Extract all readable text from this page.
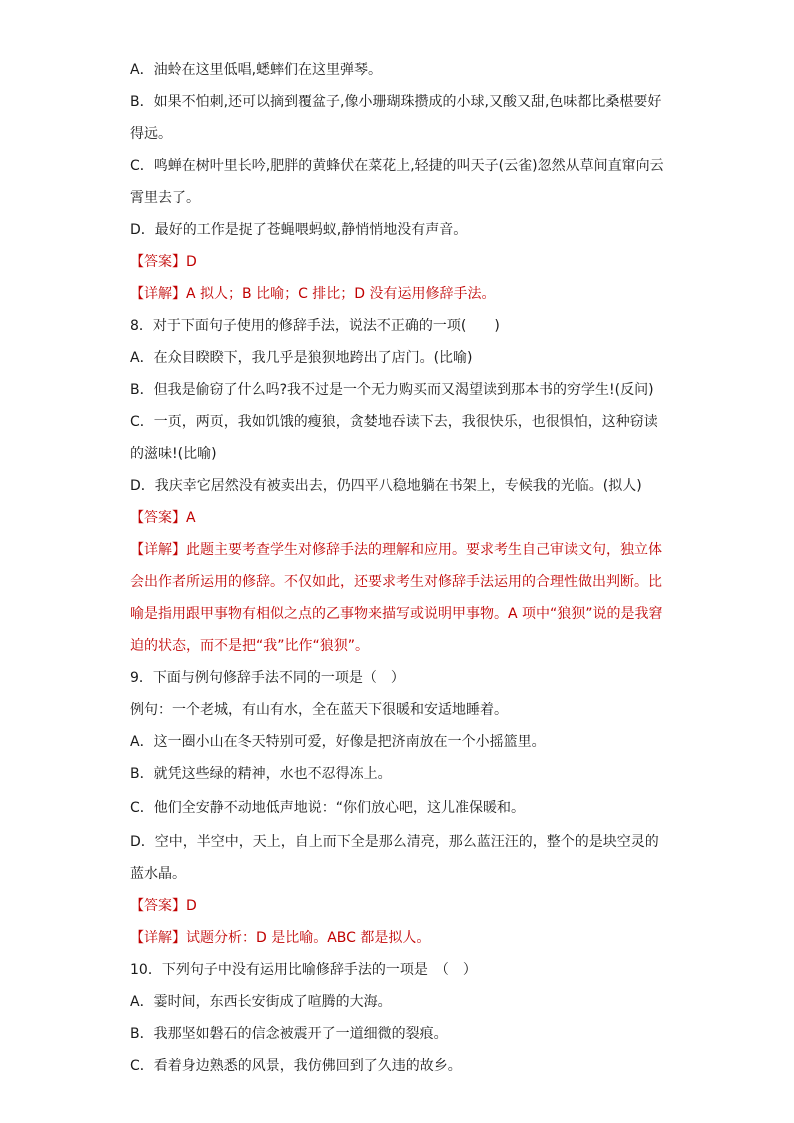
A．油蛉在这里低唱,蟋蟀们在这里弹琴。
B．如果不怕刺,还可以摘到覆盆子,像小珊瑚珠攒成的小球,又酸又甜,色味都比桑椹要好
得远。
C．鸣蝉在树叶里长吟,肥胖的黄蜂伏在菜花上,轻捷的叫天子(云雀)忽然从草间直窜向云
霄里去了。
D．最好的工作是捉了苍蝇喂蚂蚁,静悄悄地没有声音。
【答案】D
【详解】A 拟人；B 比喻；C 排比；D 没有运用修辞手法。
8．对于下面句子使用的修辞手法，说法不正确的一项(　　)
A．在众目睽睽下，我几乎是狼狈地跨出了店门。(比喻)
B．但我是偷窃了什么吗?我不过是一个无力购买而又渴望读到那本书的穷学生!(反问)
C．一页，两页，我如饥饿的瘦狼，贪婪地吞读下去，我很快乐，也很惧怕，这种窃读
的滋味!(比喻)
D．我庆幸它居然没有被卖出去，仍四平八稳地躺在书架上，专候我的光临。(拟人)
【答案】A
【详解】此题主要考查学生对修辞手法的理解和应用。要求考生自己审读文句，独立体
会出作者所运用的修辞。不仅如此，还要求考生对修辞手法运用的合理性做出判断。比
喻是指用跟甲事物有相似之点的乙事物来描写或说明甲事物。A 项中“狼狈”说的是我窘
迫的状态，而不是把“我”比作“狼狈”。
9．下面与例句修辞手法不同的一项是（　）
例句：一个老城，有山有水，全在蓝天下很暖和安适地睡着。
A．这一圈小山在冬天特别可爱，好像是把济南放在一个小摇篮里。
B．就凭这些绿的精神，水也不忍得冻上。
C．他们全安静不动地低声地说：“你们放心吧，这儿准保暖和。
D．空中，半空中，天上，自上而下全是那么清亮，那么蓝汪汪的，整个的是块空灵的
蓝水晶。
【答案】D
【详解】试题分析：D 是比喻。ABC 都是拟人。
10．下列句子中没有运用比喻修辞手法的一项是　（　）
A．霎时间，东西长安街成了喧腾的大海。
B．我那坚如磐石的信念被震开了一道细微的裂痕。
C．看着身边熟悉的风景，我仿佛回到了久违的故乡。
